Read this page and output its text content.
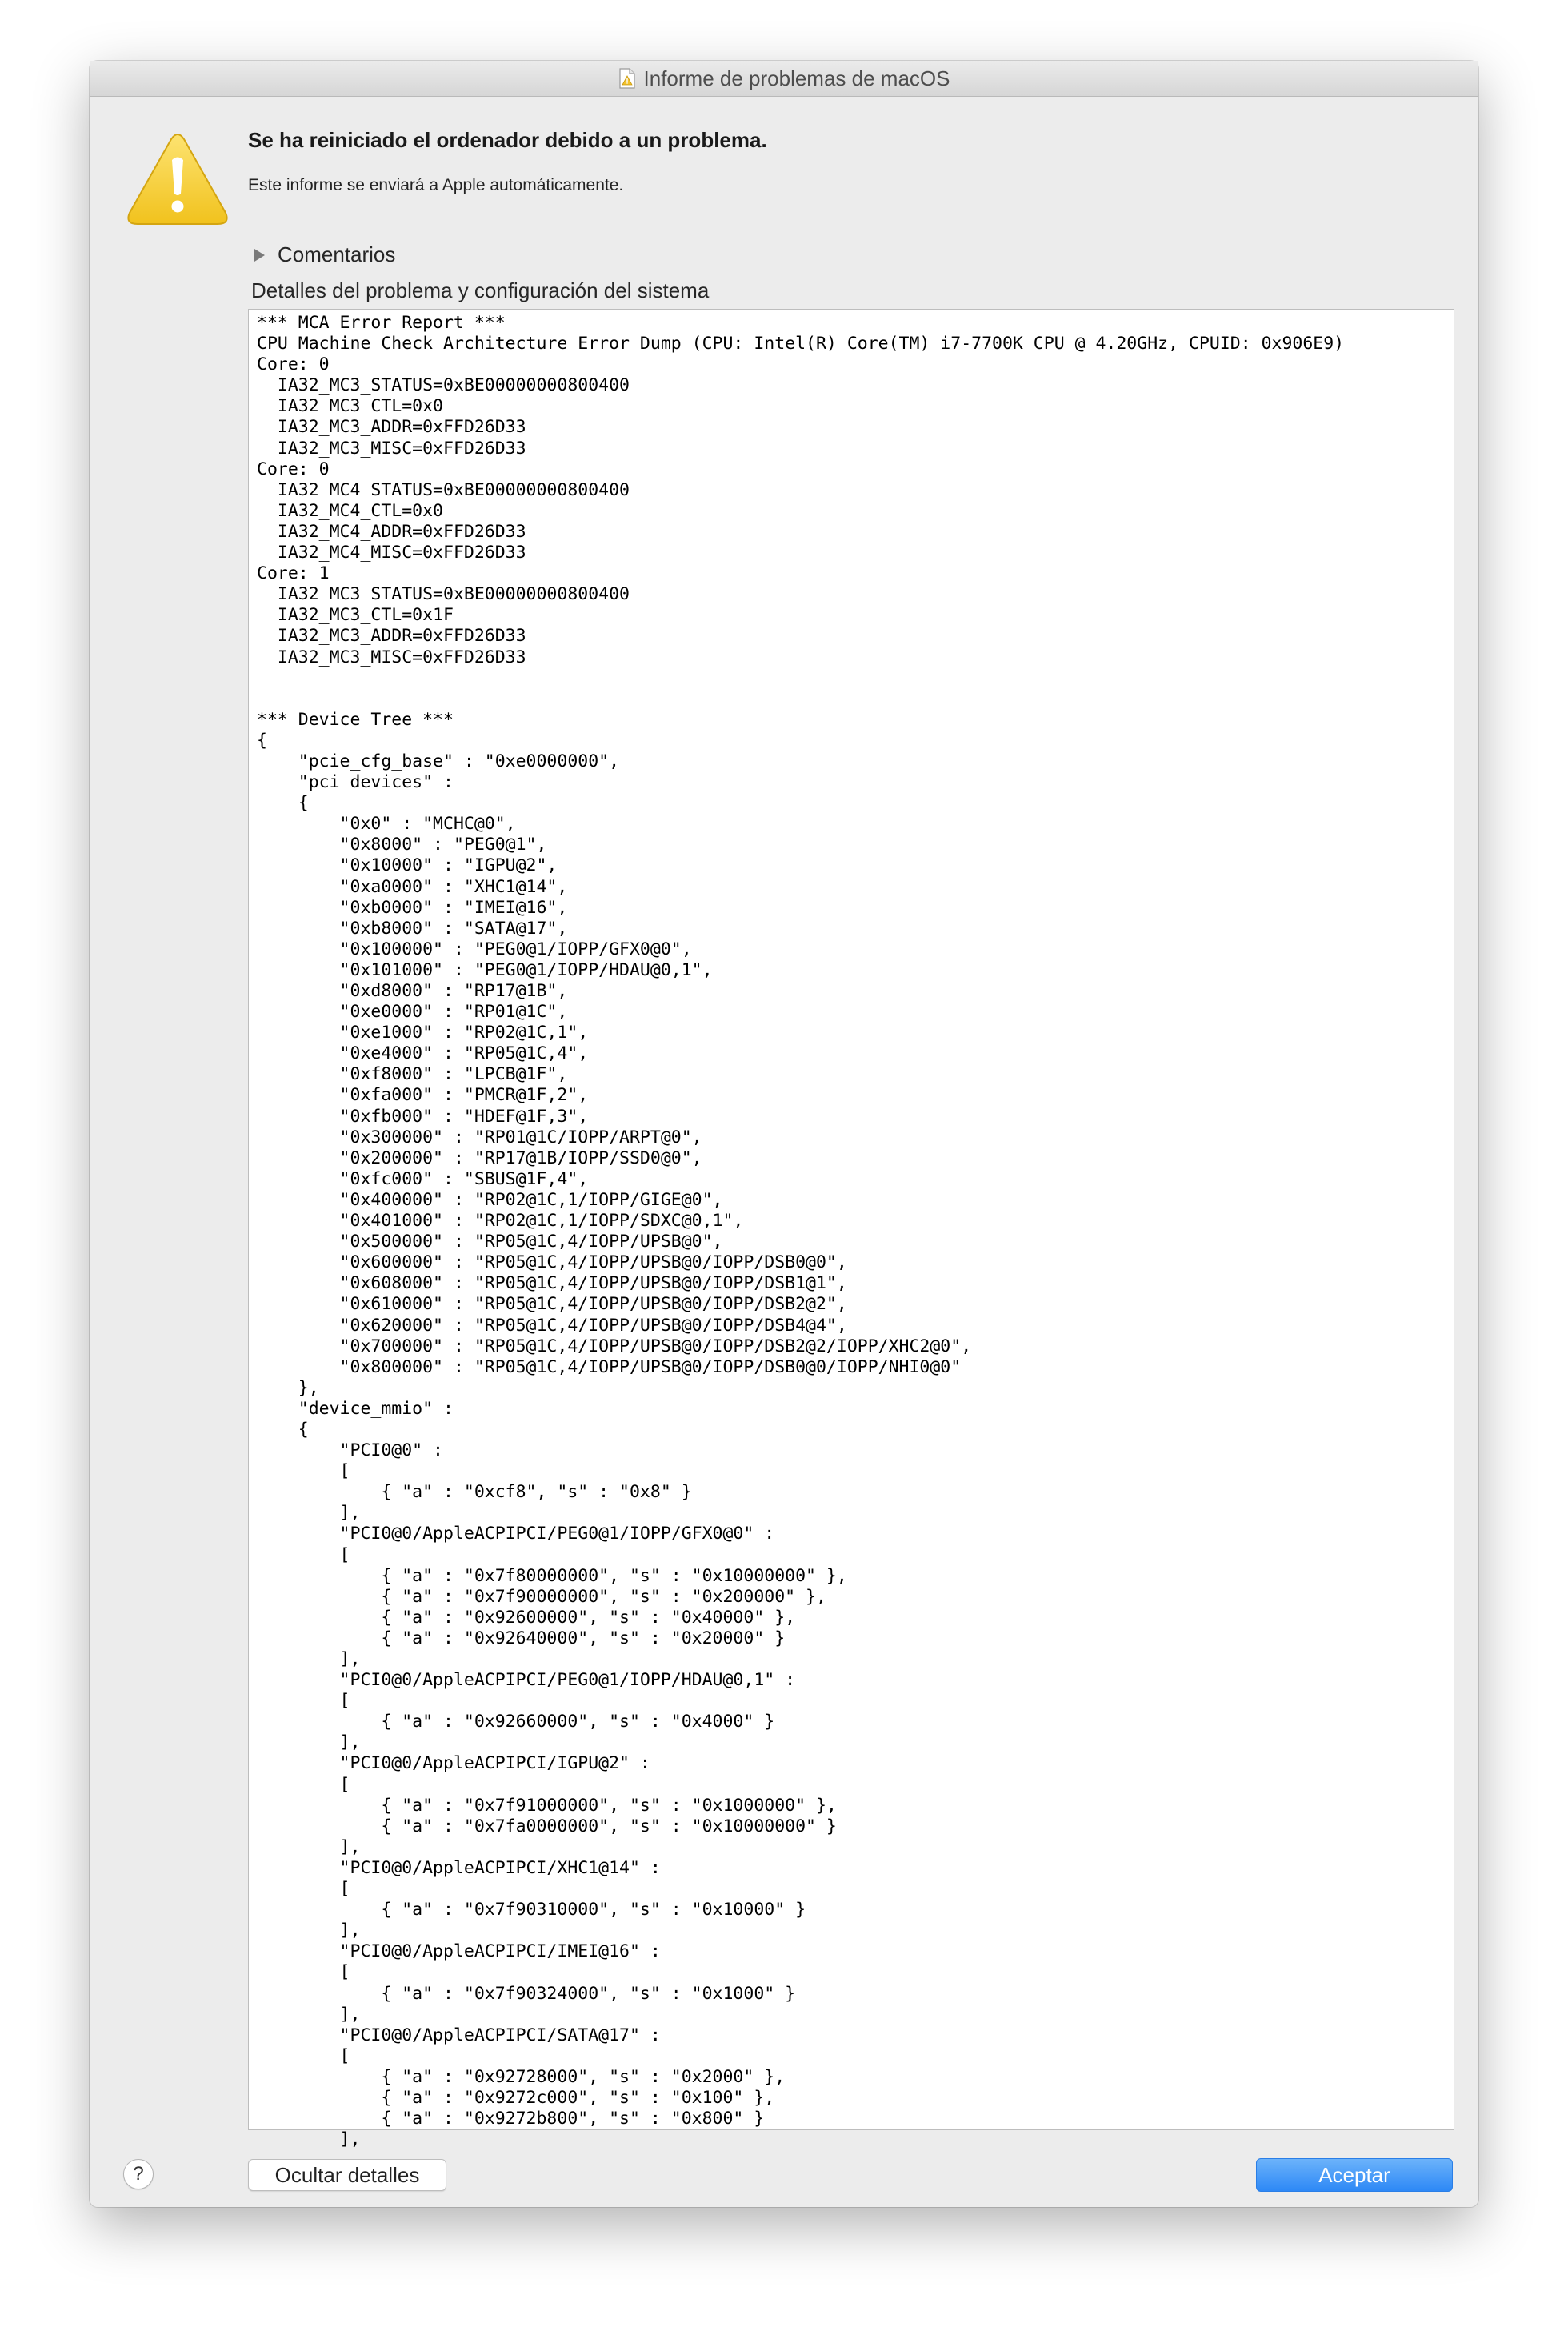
Informe de problemas de macOS
Se ha reiniciado el ordenador debido a un problema.
Este informe se enviará a Apple automáticamente.
Comentarios
Detalles del problema y configuración del sistema
*** MCA Error Report ***
CPU Machine Check Architecture Error Dump (CPU: Intel(R) Core(TM) i7-7700K CPU @ 4.20GHz, CPUID: 0x906E9)
Core: 0
IA32_MC3_STATUS=0xBE00000000800400
IA32_MC3_CTL=0x0
IA32_MC3_ADDR=0xFFD26D33
IA32_MC3_MISC=0xFFD26D33
Core: 0
IA32_MC4_STATUS=0xBE00000000800400
IA32_MC4_CTL=0x0
IA32_MC4_ADDR=0xFFD26D33
IA32_MC4_MISC=0xFFD26D33
Core: 1
IA32_MC3_STATUS=0xBE00000000800400
IA32_MC3_CTL=0x1F
IA32_MC3_ADDR=0xFFD26D33
IA32_MC3_MISC=0xFFD26D33

*** Device Tree ***
{
"pcie_cfg_base" : "0xe0000000",
"pci_devices" :
{
"0x0" : "MCHC@0",
"0x8000" : "PEG0@1",
"0x10000" : "IGPU@2",
"0xa0000" : "XHC1@14",
"0xb0000" : "IMEI@16",
"0xb8000" : "SATA@17",
"0x100000" : "PEG0@1/IOPP/GFX0@0",
"0x101000" : "PEG0@1/IOPP/HDAU@0,1",
"0xd8000" : "RP17@1B",
"0xe0000" : "RP01@1C",
"0xe1000" : "RP02@1C,1",
"0xe4000" : "RP05@1C,4",
"0xf8000" : "LPCB@1F",
"0xfa000" : "PMCR@1F,2",
"0xfb000" : "HDEF@1F,3",
"0x300000" : "RP01@1C/IOPP/ARPT@0",
"0x200000" : "RP17@1B/IOPP/SSD0@0",
"0xfc000" : "SBUS@1F,4",
"0x400000" : "RP02@1C,1/IOPP/GIGE@0",
"0x401000" : "RP02@1C,1/IOPP/SDXC@0,1",
"0x500000" : "RP05@1C,4/IOPP/UPSB@0",
"0x600000" : "RP05@1C,4/IOPP/UPSB@0/IOPP/DSB0@0",
"0x608000" : "RP05@1C,4/IOPP/UPSB@0/IOPP/DSB1@1",
"0x610000" : "RP05@1C,4/IOPP/UPSB@0/IOPP/DSB2@2",
"0x620000" : "RP05@1C,4/IOPP/UPSB@0/IOPP/DSB4@4",
"0x700000" : "RP05@1C,4/IOPP/UPSB@0/IOPP/DSB2@2/IOPP/XHC2@0",
"0x800000" : "RP05@1C,4/IOPP/UPSB@0/IOPP/DSB0@0/IOPP/NHI0@0"
},
"device_mmio" :
{
"PCI0@0" :
[
{ "a" : "0xcf8", "s" : "0x8" }
],
"PCI0@0/AppleACPIPCI/PEG0@1/IOPP/GFX0@0" :
[
{ "a" : "0x7f80000000", "s" : "0x10000000" },
{ "a" : "0x7f90000000", "s" : "0x200000" },
{ "a" : "0x92600000", "s" : "0x40000" },
{ "a" : "0x92640000", "s" : "0x20000" }
],
"PCI0@0/AppleACPIPCI/PEG0@1/IOPP/HDAU@0,1" :
[
{ "a" : "0x92660000", "s" : "0x4000" }
],
"PCI0@0/AppleACPIPCI/IGPU@2" :
[
{ "a" : "0x7f91000000", "s" : "0x1000000" },
{ "a" : "0x7fa0000000", "s" : "0x10000000" }
],
"PCI0@0/AppleACPIPCI/XHC1@14" :
[
{ "a" : "0x7f90310000", "s" : "0x10000" }
],
"PCI0@0/AppleACPIPCI/IMEI@16" :
[
{ "a" : "0x7f90324000", "s" : "0x1000" }
],
"PCI0@0/AppleACPIPCI/SATA@17" :
[
{ "a" : "0x92728000", "s" : "0x2000" },
{ "a" : "0x9272c000", "s" : "0x100" },
{ "a" : "0x9272b800", "s" : "0x800" }
],
?	Ocultar detalles	Aceptar
